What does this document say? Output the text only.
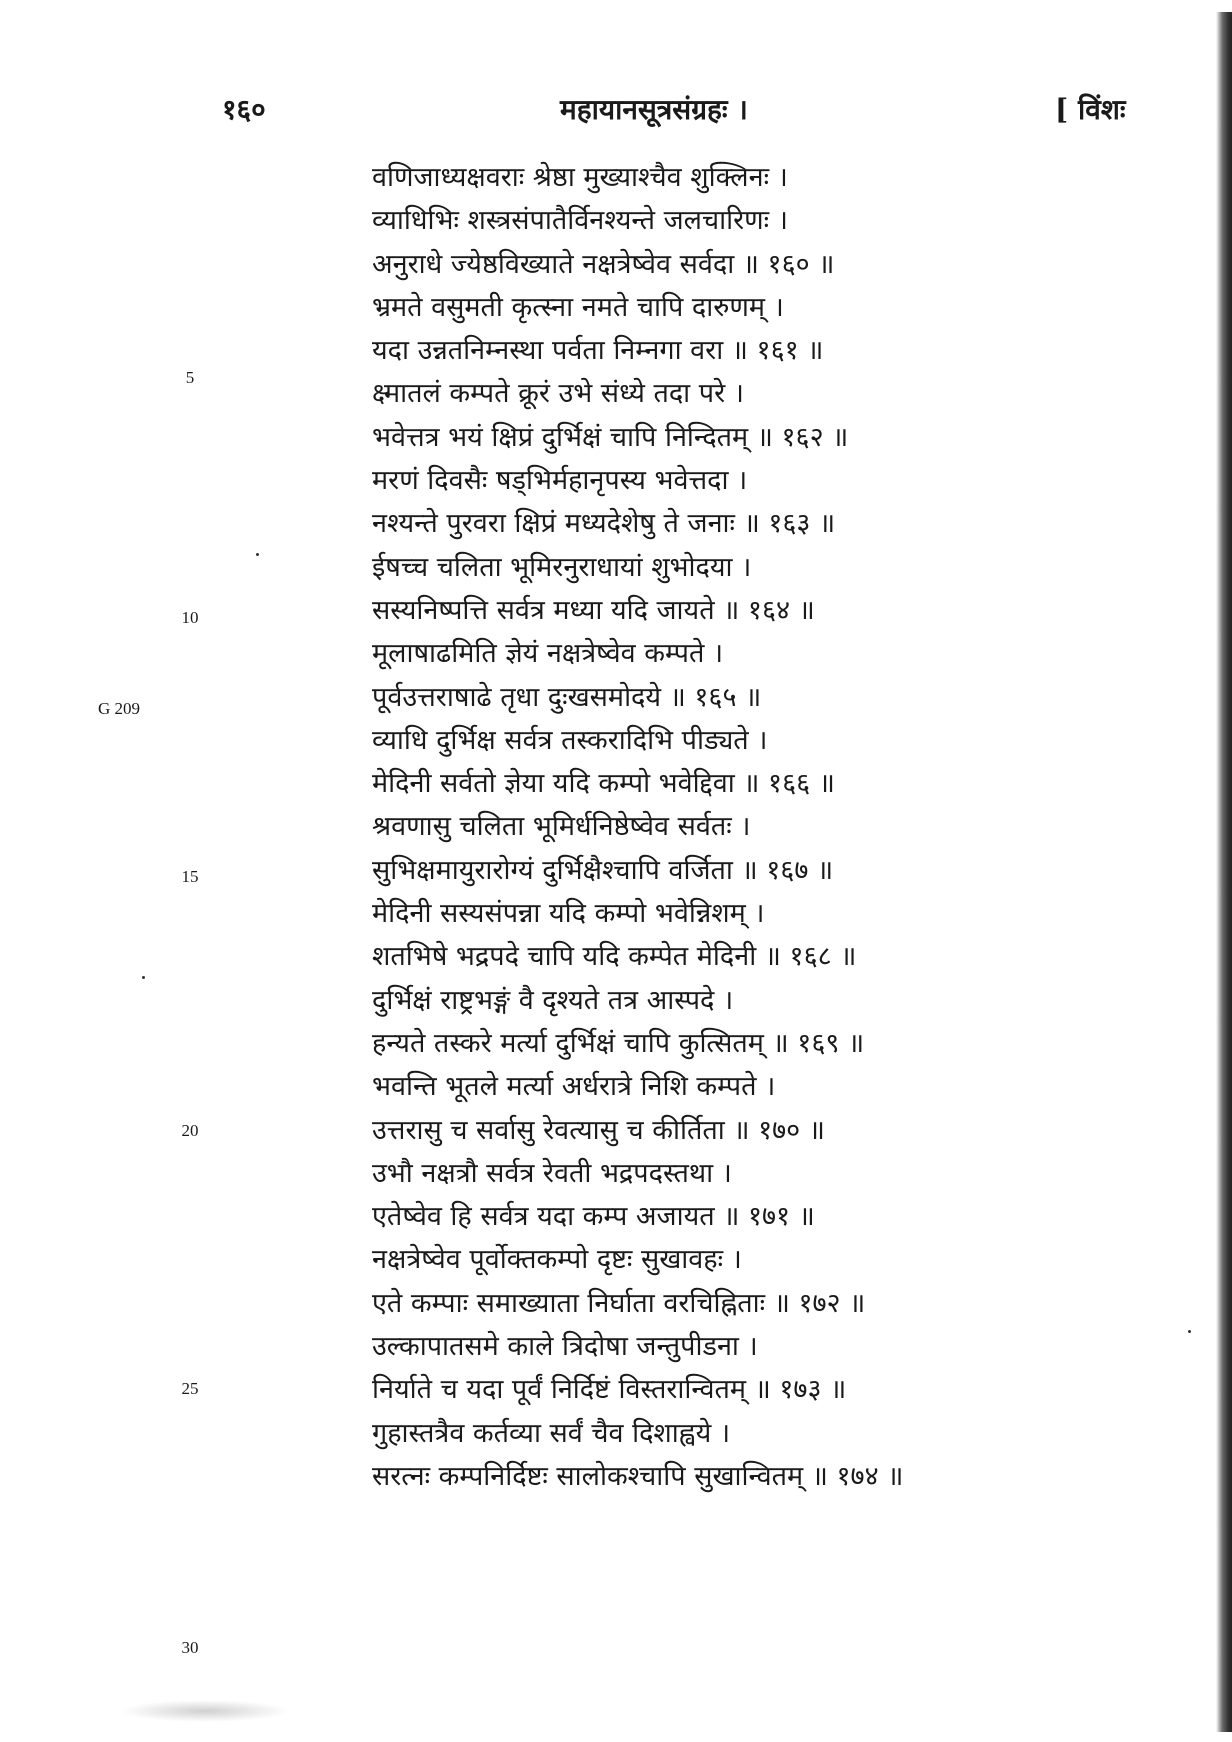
१६०	महायानसूत्रसंग्रहः ।	[ विंशः
5
10
15
20
25
30
G 209
वणिजाध्यक्षवराः श्रेष्ठा मुख्याश्चैव शुक्लिनः ।
व्याधिभिः शस्त्रसंपातैर्विनश्यन्ते जलचारिणः ।
अनुराधे ज्येष्ठविख्याते नक्षत्रेष्वेव सर्वदा ॥ १६० ॥
भ्रमते वसुमती कृत्स्ना नमते चापि दारुणम् ।
यदा उन्नतनिम्नस्था पर्वता निम्नगा वरा ॥ १६१ ॥
क्ष्मातलं कम्पते क्रूरं उभे संध्ये तदा परे ।
भवेत्तत्र भयं क्षिप्रं दुर्भिक्षं चापि निन्दितम् ॥ १६२ ॥
मरणं दिवसैः षड्भिर्महानृपस्य भवेत्तदा ।
नश्यन्ते पुरवरा क्षिप्रं मध्यदेशेषु ते जनाः ॥ १६३ ॥
ईषच्च चलिता भूमिरनुराधायां शुभोदया ।
सस्यनिष्पत्ति सर्वत्र मध्या यदि जायते ॥ १६४ ॥
मूलाषाढमिति ज्ञेयं नक्षत्रेष्वेव कम्पते ।
पूर्वउत्तराषाढे तृधा दुःखसमोदये ॥ १६५ ॥
व्याधि दुर्भिक्ष सर्वत्र तस्करादिभि पीड्यते ।
मेदिनी सर्वतो ज्ञेया यदि कम्पो भवेद्दिवा ॥ १६६ ॥
श्रवणासु चलिता भूमिर्धनिष्ठेष्वेव सर्वतः ।
सुभिक्षमायुरारोग्यं दुर्भिक्षैश्चापि वर्जिता ॥ १६७ ॥
मेदिनी सस्यसंपन्ना यदि कम्पो भवेन्निशम् ।
शतभिषे भद्रपदे चापि यदि कम्पेत मेदिनी ॥ १६८ ॥
दुर्भिक्षं राष्ट्रभङ्गं वै दृश्यते तत्र आस्पदे ।
हन्यते तस्करे मर्त्या दुर्भिक्षं चापि कुत्सितम् ॥ १६९ ॥
भवन्ति भूतले मर्त्या अर्धरात्रे निशि कम्पते ।
उत्तरासु च सर्वासु रेवत्यासु च कीर्तिता ॥ १७० ॥
उभौ नक्षत्रौ सर्वत्र रेवती भद्रपदस्तथा ।
एतेष्वेव हि सर्वत्र यदा कम्प अजायत ॥ १७१ ॥
नक्षत्रेष्वेव पूर्वोक्तकम्पो दृष्टः सुखावहः ।
एते कम्पाः समाख्याता निर्घाता वरचिह्निताः ॥ १७२ ॥
उल्कापातसमे काले त्रिदोषा जन्तुपीडना ।
निर्याते च यदा पूर्वं निर्दिष्टं विस्तरान्वितम् ॥ १७३ ॥
गुहास्तत्रैव कर्तव्या सर्वं चैव दिशाह्वये ।
सरत्नः कम्पनिर्दिष्टः सालोकश्चापि सुखान्वितम् ॥ १७४ ॥
